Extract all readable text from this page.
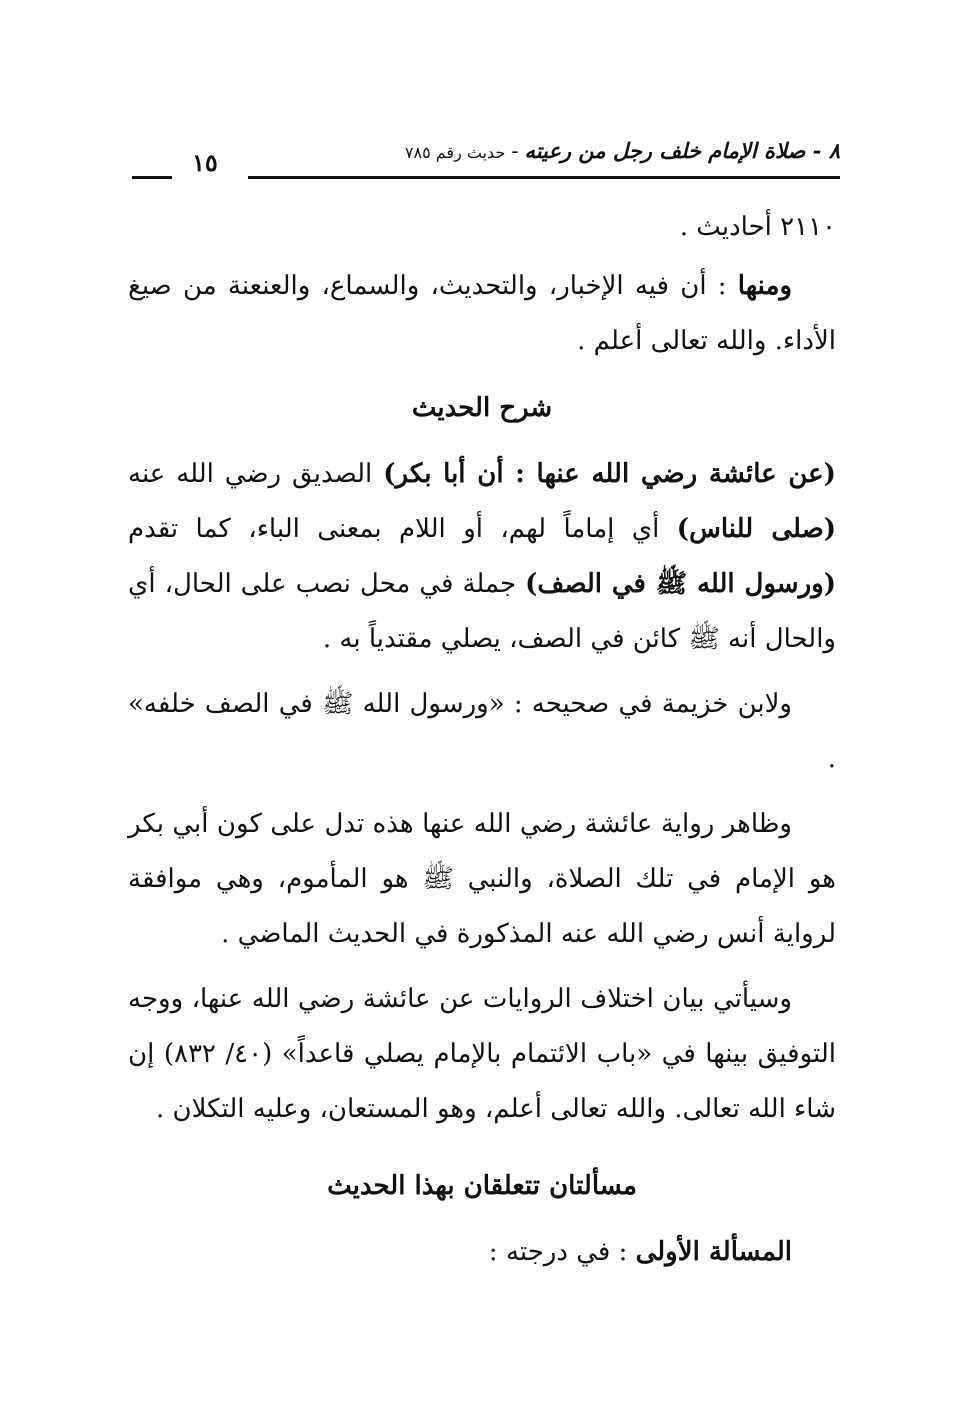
٨ - صلاة الإمام خلف رجل من رعيته-حديث رقم ٧٨٥
١٥

٢١١٠ أحاديث .

ومنها : أن فيه الإخبار، والتحديث، والسماع، والعنعنة من صيغ الأداء. والله تعالى أعلم .

شرح الحديث

(عن عائشة رضي الله عنها : أن أبا بكر) الصديق رضي الله عنه (صلى للناس) أي إماماً لهم، أو اللام بمعنى الباء، كما تقدم (ورسول الله ﷺ في الصف) جملة في محل نصب على الحال، أي والحال أنه ﷺ كائن في الصف، يصلي مقتدياً به .

ولابن خزيمة في صحيحه : «ورسول الله ﷺ في الصف خلفه» .

وظاهر رواية عائشة رضي الله عنها هذه تدل على كون أبي بكر هو الإمام في تلك الصلاة، والنبي ﷺ هو المأموم، وهي موافقة لرواية أنس رضي الله عنه المذكورة في الحديث الماضي .

وسيأتي بيان اختلاف الروايات عن عائشة رضي الله عنها، ووجه التوفيق بينها في «باب الائتمام بالإمام يصلي قاعداً» (٤٠/ ٨٣٢) إن شاء الله تعالى. والله تعالى أعلم، وهو المستعان، وعليه التكلان .

مسألتان تتعلقان بهذا الحديث

المسألة الأولى : في درجته :
